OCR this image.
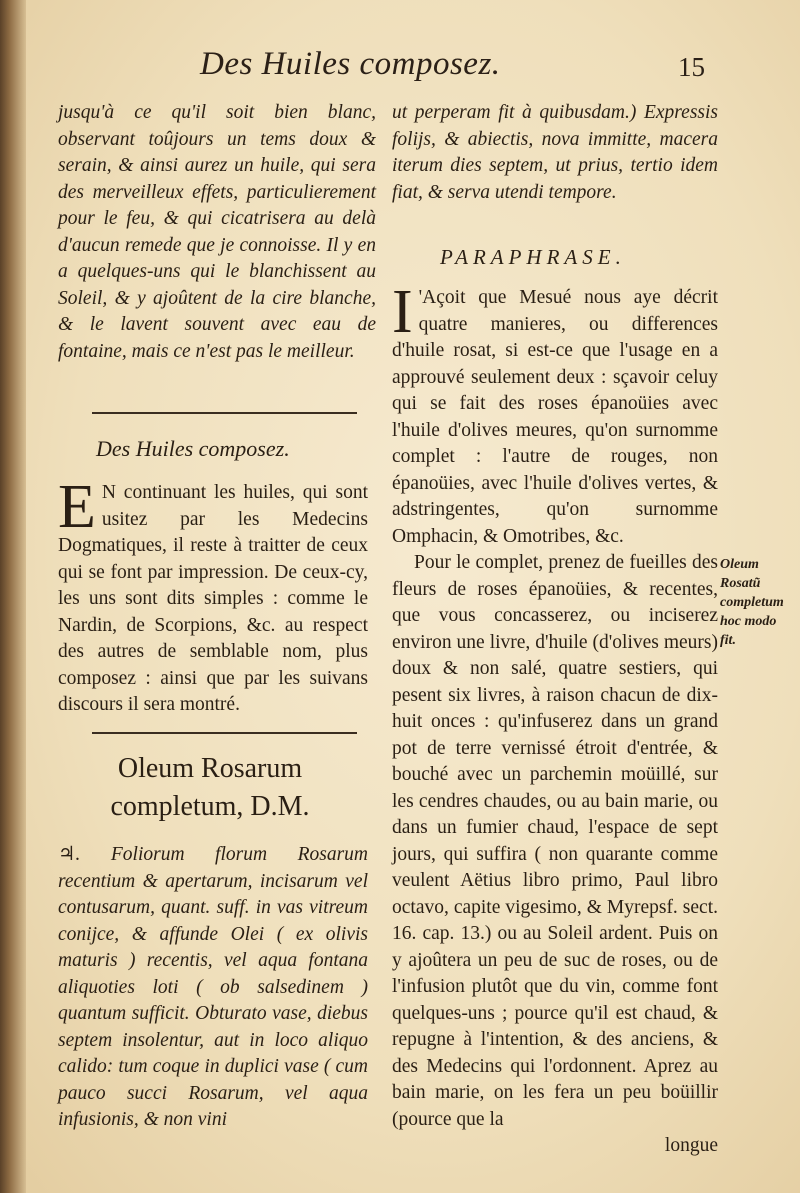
Des Huiles composez.	15

jusqu'à ce qu'il soit bien blanc, observant toûjours un tems doux & serain, & ainsi aurez un huile, qui sera des merveilleux effets, particulierement pour le feu, & qui cicatrisera au delà d'aucun remede que je connoisse. Il y en a quelques-uns qui le blanchissent au Soleil, & y ajoûtent de la cire blanche, & le lavent souvent avec eau de fontaine, mais ce n'est pas le meilleur.

Des Huiles composez.

E N continuant les huiles, qui sont usitez par les Medecins Dogmatiques, il reste à traitter de ceux qui se font par impression. De ceux-cy, les uns sont dits simples : comme le Nardin, de Scorpions, &c. au respect des autres de semblable nom, plus composez : ainsi que par les suivans discours il sera montré.

Oleum Rosarum completum, D.M.

♃. Foliorum florum Rosarum recentium & apertarum, incisarum vel contusarum, quant. suff. in vas vitreum conijce, & affunde Olei ( ex olivis maturis ) recentis, vel aqua fontana aliquoties loti ( ob salsedinem ) quantum sufficit. Obturato vase, diebus septem insolentur, aut in loco aliquo calido: tum coque in duplici vase ( cum pauco succi Rosarum, vel aqua infusionis, & non vini

ut perperam fit à quibusdam.) Expressis folijs, & abiectis, nova immitte, macera iterum dies septem, ut prius, tertio idem fiat, & serva utendi tempore.

PARAPHRASE.

I 'Açoit que Mesué nous aye décrit quatre manieres, ou differences d'huile rosat, si est-ce que l'usage en a approuvé seulement deux : sçavoir celuy qui se fait des roses épanoüies avec l'huile d'olives meures, qu'on surnomme complet : l'autre de rouges, non épanoüies, avec l'huile d'olives vertes, & adstringentes, qu'on surnomme Omphacin, & Omotribes, &c.

Pour le complet, prenez de fueilles des fleurs de roses épanoüies, & recentes, que vous concasserez, ou inciserez environ une livre, d'huile (d'olives meurs) doux & non salé, quatre sestiers, qui pesent six livres, à raison chacun de dix-huit onces : qu'infuserez dans un grand pot de terre vernissé étroit d'entrée, & bouché avec un parchemin moüillé, sur les cendres chaudes, ou au bain marie, ou dans un fumier chaud, l'espace de sept jours, qui suffira ( non quarante comme veulent Aëtius libro primo, Paul libro octavo, capite vigesimo, & Myrepsf. sect. 16. cap. 13.) ou au Soleil ardent. Puis on y ajoûtera un peu de suc de roses, ou de l'infusion plutôt que du vin, comme font quelques-uns ; pource qu'il est chaud, & repugne à l'intention, & des anciens, & des Medecins qui l'ordonnent. Aprez au bain marie, on les fera un peu boüillir (pource que la

longue

Oleum Rosatũ completum hoc modo fit.
